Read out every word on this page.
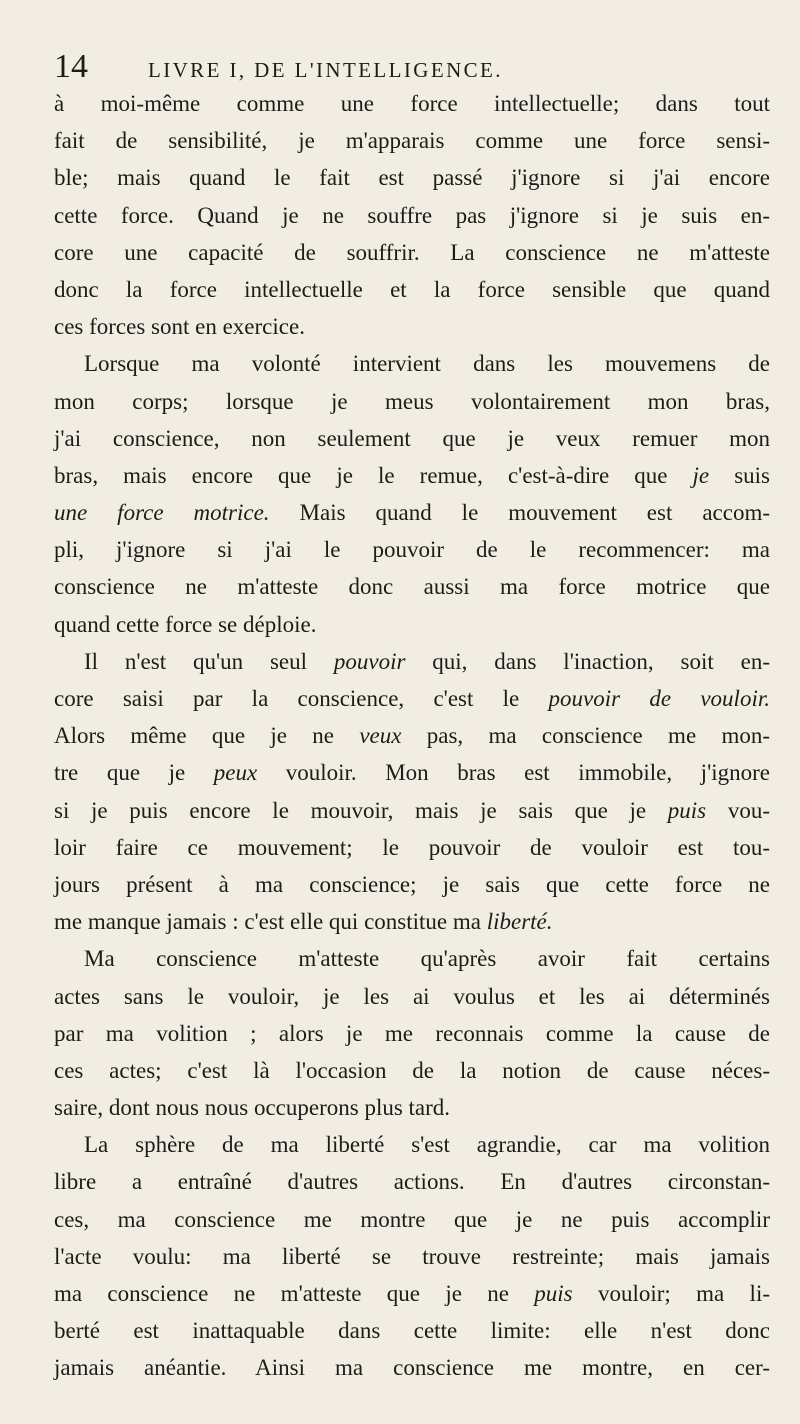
14	LIVRE I, DE L'INTELLIGENCE.
à moi-même comme une force intellectuelle; dans tout
fait de sensibilité, je m'apparais comme une force sensi-
ble; mais quand le fait est passé j'ignore si j'ai encore
cette force. Quand je ne souffre pas j'ignore si je suis en-
core une capacité de souffrir. La conscience ne m'atteste
donc la force intellectuelle et la force sensible que quand
ces forces sont en exercice.
Lorsque ma volonté intervient dans les mouvemens de
mon corps; lorsque je meus volontairement mon bras,
j'ai conscience, non seulement que je veux remuer mon
bras, mais encore que je le remue, c'est-à-dire que je suis
une force motrice. Mais quand le mouvement est accom-
pli, j'ignore si j'ai le pouvoir de le recommencer: ma
conscience ne m'atteste donc aussi ma force motrice que
quand cette force se déploie.
Il n'est qu'un seul pouvoir qui, dans l'inaction, soit en-
core saisi par la conscience, c'est le pouvoir de vouloir.
Alors même que je ne veux pas, ma conscience me mon-
tre que je peux vouloir. Mon bras est immobile, j'ignore
si je puis encore le mouvoir, mais je sais que je puis vou-
loir faire ce mouvement; le pouvoir de vouloir est tou-
jours présent à ma conscience; je sais que cette force ne
me manque jamais : c'est elle qui constitue ma liberté.
Ma conscience m'atteste qu'après avoir fait certains
actes sans le vouloir, je les ai voulus et les ai déterminés
par ma volition ; alors je me reconnais comme la cause de
ces actes; c'est là l'occasion de la notion de cause néces-
saire, dont nous nous occuperons plus tard.
La sphère de ma liberté s'est agrandie, car ma volition
libre a entraîné d'autres actions. En d'autres circonstan-
ces, ma conscience me montre que je ne puis accomplir
l'acte voulu: ma liberté se trouve restreinte; mais jamais
ma conscience ne m'atteste que je ne puis vouloir; ma li-
berté est inattaquable dans cette limite: elle n'est donc
jamais anéantie. Ainsi ma conscience me montre, en cer-
